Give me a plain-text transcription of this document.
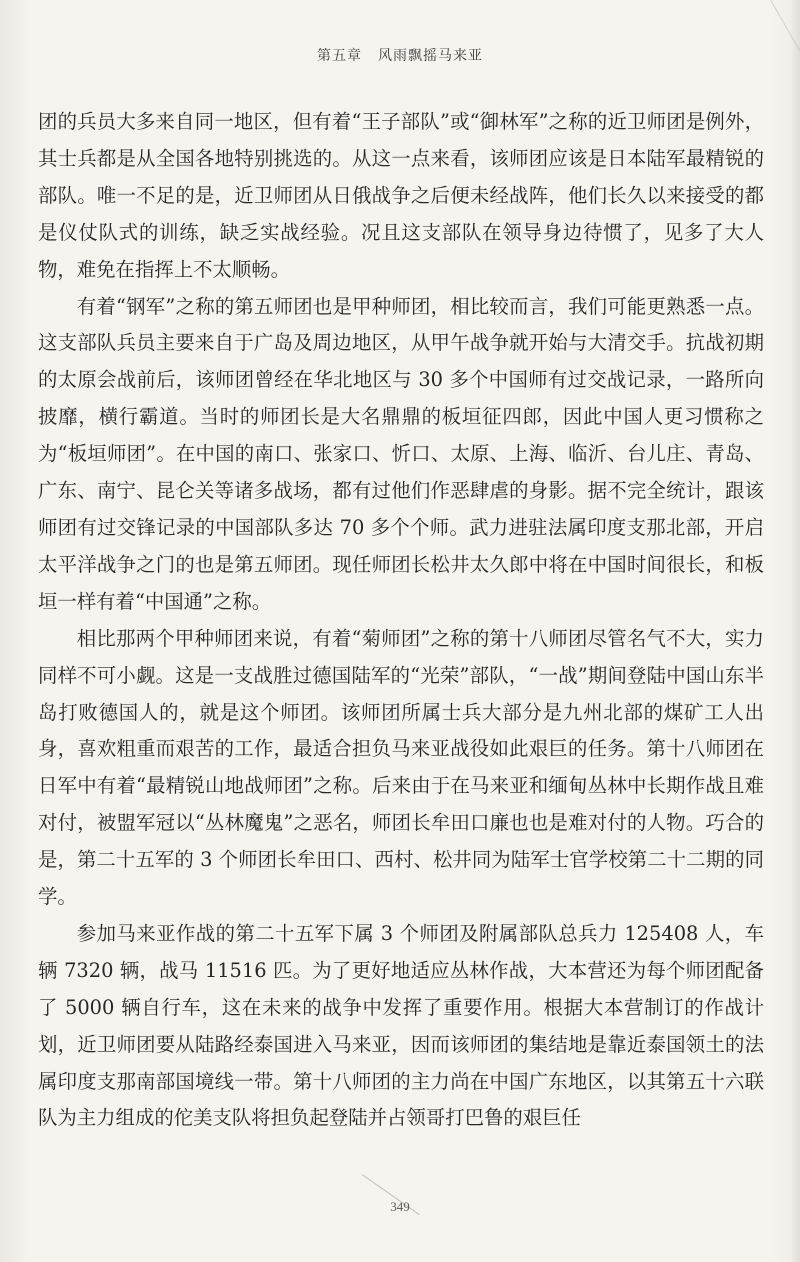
第五章 风雨飘摇马来亚

团的兵员大多来自同一地区，但有着“王子部队”或“御林军”之称的近卫师团是例外，其士兵都是从全国各地特别挑选的。从这一点来看，该师团应该是日本陆军最精锐的部队。唯一不足的是，近卫师团从日俄战争之后便未经战阵，他们长久以来接受的都是仪仗队式的训练，缺乏实战经验。况且这支部队在领导身边待惯了，见多了大人物，难免在指挥上不太顺畅。

有着“钢军”之称的第五师团也是甲种师团，相比较而言，我们可能更熟悉一点。这支部队兵员主要来自于广岛及周边地区，从甲午战争就开始与大清交手。抗战初期的太原会战前后，该师团曾经在华北地区与 30 多个中国师有过交战记录，一路所向披靡，横行霸道。当时的师团长是大名鼎鼎的板垣征四郎，因此中国人更习惯称之为“板垣师团”。在中国的南口、张家口、忻口、太原、上海、临沂、台儿庄、青岛、广东、南宁、昆仑关等诸多战场，都有过他们作恶肆虐的身影。据不完全统计，跟该师团有过交锋记录的中国部队多达 70 多个个师。武力进驻法属印度支那北部，开启太平洋战争之门的也是第五师团。现任师团长松井太久郎中将在中国时间很长，和板垣一样有着“中国通”之称。

相比那两个甲种师团来说，有着“菊师团”之称的第十八师团尽管名气不大，实力同样不可小觑。这是一支战胜过德国陆军的“光荣”部队，“一战”期间登陆中国山东半岛打败德国人的，就是这个师团。该师团所属士兵大部分是九州北部的煤矿工人出身，喜欢粗重而艰苦的工作，最适合担负马来亚战役如此艰巨的任务。第十八师团在日军中有着“最精锐山地战师团”之称。后来由于在马来亚和缅甸丛林中长期作战且难对付，被盟军冠以“丛林魔鬼”之恶名，师团长牟田口廉也也是难对付的人物。巧合的是，第二十五军的 3 个师团长牟田口、西村、松井同为陆军士官学校第二十二期的同学。

参加马来亚作战的第二十五军下属 3 个师团及附属部队总兵力 125408 人，车辆 7320 辆，战马 11516 匹。为了更好地适应丛林作战，大本营还为每个师团配备了 5000 辆自行车，这在未来的战争中发挥了重要作用。根据大本营制订的作战计划，近卫师团要从陆路经泰国进入马来亚，因而该师团的集结地是靠近泰国领土的法属印度支那南部国境线一带。第十八师团的主力尚在中国广东地区，以其第五十六联队为主力组成的佗美支队将担负起登陆并占领哥打巴鲁的艰巨任

349
